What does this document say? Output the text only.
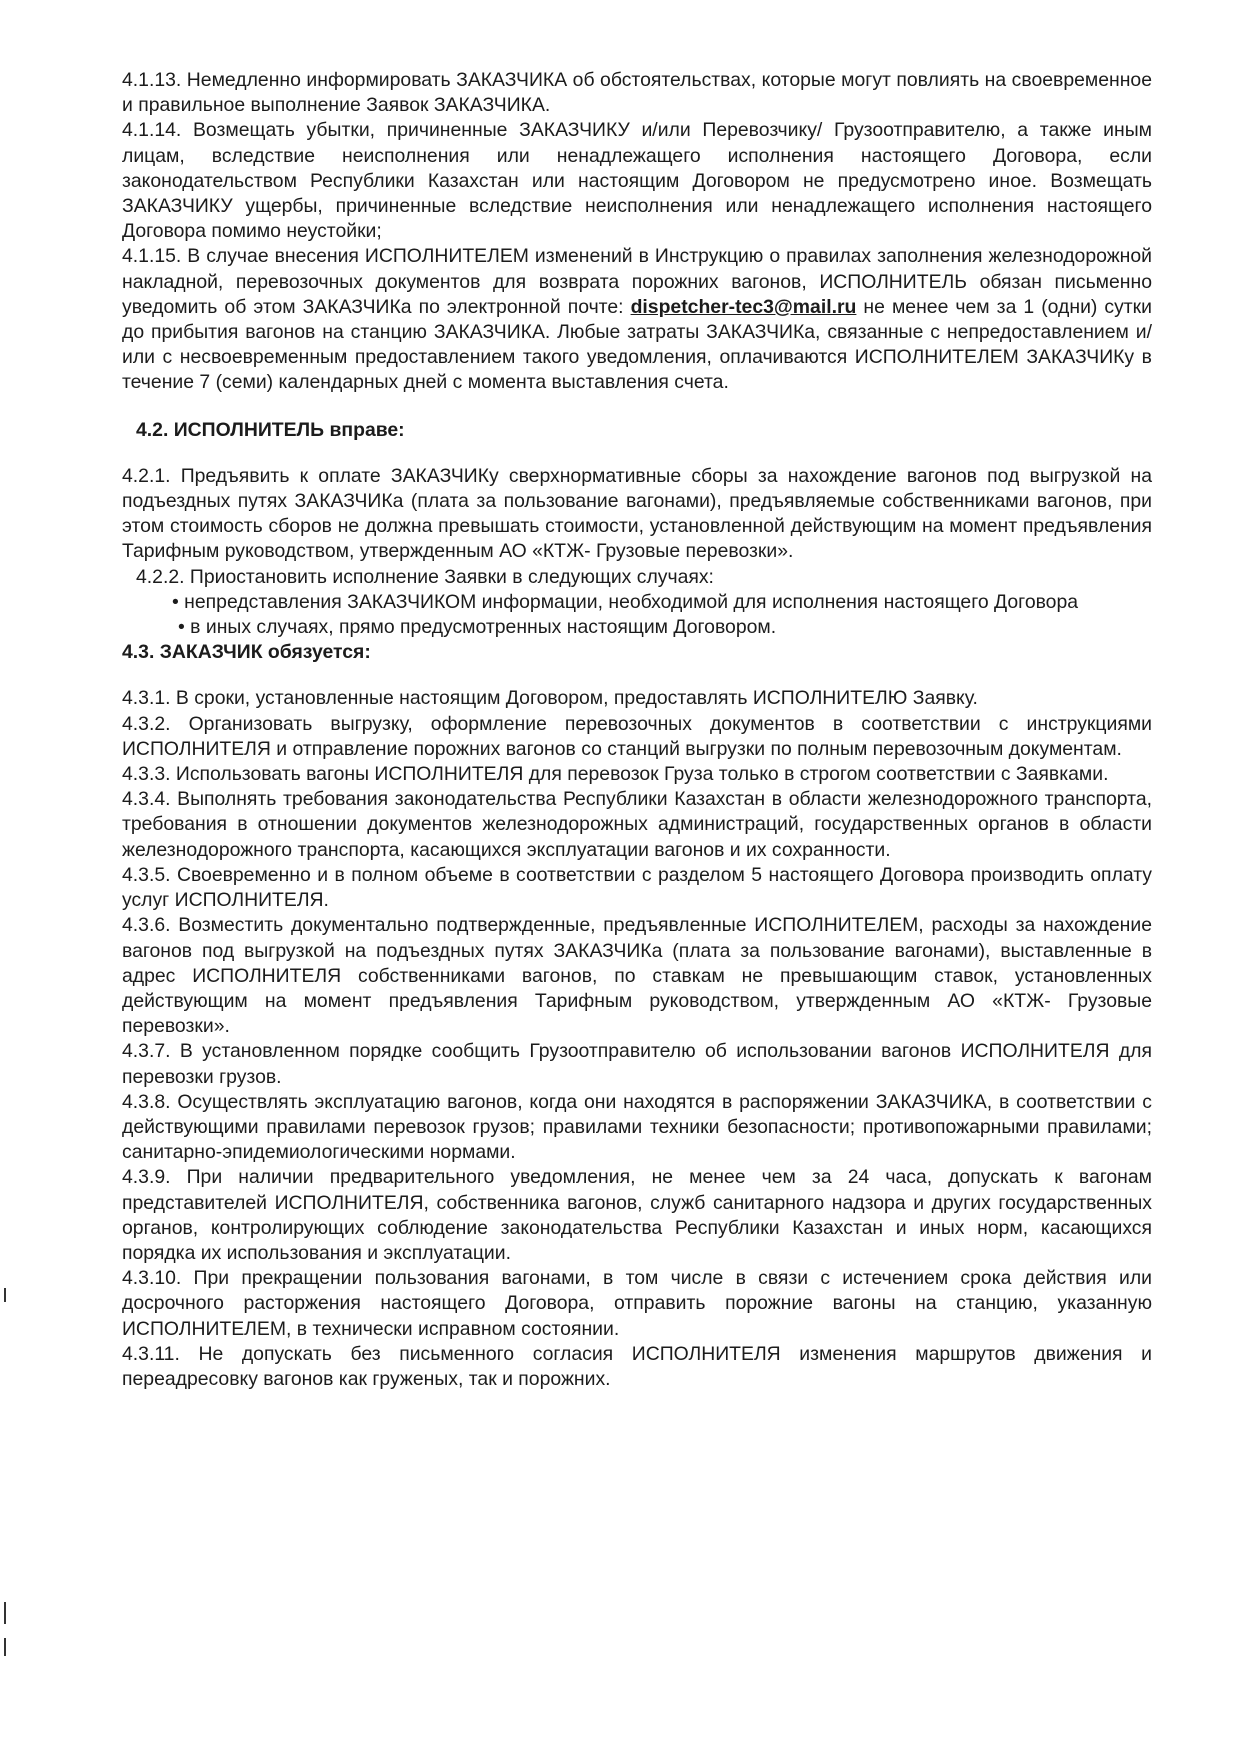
4.1.13. Немедленно информировать ЗАКАЗЧИКА об обстоятельствах, которые могут повлиять на своевременное и правильное выполнение Заявок ЗАКАЗЧИКА.

4.1.14. Возмещать убытки, причиненные ЗАКАЗЧИКУ и/или Перевозчику/ Грузоотправителю, а также иным лицам, вследствие неисполнения или ненадлежащего исполнения настоящего Договора, если законодательством Республики Казахстан или настоящим Договором не предусмотрено иное. Возмещать ЗАКАЗЧИКУ ущербы, причиненные вследствие неисполнения или ненадлежащего исполнения настоящего Договора помимо неустойки;

4.1.15. В случае внесения ИСПОЛНИТЕЛЕМ изменений в Инструкцию о правилах заполнения железнодорожной накладной, перевозочных документов для возврата порожних вагонов, ИСПОЛНИТЕЛЬ обязан письменно уведомить об этом ЗАКАЗЧИКа по электронной почте: dispetcher-tec3@mail.ru не менее чем за 1 (одни) сутки до прибытия вагонов на станцию ЗАКАЗЧИКА. Любые затраты ЗАКАЗЧИКа, связанные с непредоставлением и/или с несвоевременным предоставлением такого уведомления, оплачиваются ИСПОЛНИТЕЛЕМ ЗАКАЗЧИКу в течение 7 (семи) календарных дней с момента выставления счета.

4.2. ИСПОЛНИТЕЛЬ вправе:

4.2.1. Предъявить к оплате ЗАКАЗЧИКу сверхнормативные сборы за нахождение вагонов под выгрузкой на подъездных путях ЗАКАЗЧИКа (плата за пользование вагонами), предъявляемые собственниками вагонов, при этом стоимость сборов не должна превышать стоимости, установленной действующим на момент предъявления Тарифным руководством, утвержденным АО «КТЖ- Грузовые перевозки».

4.2.2. Приостановить исполнение Заявки в следующих случаях:

• непредставления ЗАКАЗЧИКОМ информации, необходимой для исполнения настоящего Договора

• в иных случаях, прямо предусмотренных настоящим Договором.

4.3. ЗАКАЗЧИК обязуется:

4.3.1. В сроки, установленные настоящим Договором, предоставлять ИСПОЛНИТЕЛЮ Заявку.

4.3.2. Организовать выгрузку, оформление перевозочных документов в соответствии с инструкциями ИСПОЛНИТЕЛЯ и отправление порожних вагонов со станций выгрузки по полным перевозочным документам.

4.3.3. Использовать вагоны ИСПОЛНИТЕЛЯ для перевозок Груза только в строгом соответствии с Заявками.

4.3.4. Выполнять требования законодательства Республики Казахстан в области железнодорожного транспорта, требования в отношении документов железнодорожных администраций, государственных органов в области железнодорожного транспорта, касающихся эксплуатации вагонов и их сохранности.

4.3.5. Своевременно и в полном объеме в соответствии с разделом 5 настоящего Договора производить оплату услуг ИСПОЛНИТЕЛЯ.

4.3.6. Возместить документально подтвержденные, предъявленные ИСПОЛНИТЕЛЕМ, расходы за нахождение вагонов под выгрузкой на подъездных путях ЗАКАЗЧИКа (плата за пользование вагонами), выставленные в адрес ИСПОЛНИТЕЛЯ собственниками вагонов, по ставкам не превышающим ставок, установленных действующим на момент предъявления Тарифным руководством, утвержденным АО «КТЖ- Грузовые перевозки».

4.3.7. В установленном порядке сообщить Грузоотправителю об использовании вагонов ИСПОЛНИТЕЛЯ для перевозки грузов.

4.3.8. Осуществлять эксплуатацию вагонов, когда они находятся в распоряжении ЗАКАЗЧИКА, в соответствии с действующими правилами перевозок грузов; правилами техники безопасности; противопожарными правилами; санитарно-эпидемиологическими нормами.

4.3.9. При наличии предварительного уведомления, не менее чем за 24 часа, допускать к вагонам представителей ИСПОЛНИТЕЛЯ, собственника вагонов, служб санитарного надзора и других государственных органов, контролирующих соблюдение законодательства Республики Казахстан и иных норм, касающихся порядка их использования и эксплуатации.

4.3.10. При прекращении пользования вагонами, в том числе в связи с истечением срока действия или досрочного расторжения настоящего Договора, отправить порожние вагоны на станцию, указанную ИСПОЛНИТЕЛЕМ, в технически исправном состоянии.

4.3.11. Не допускать без письменного согласия ИСПОЛНИТЕЛЯ изменения маршрутов движения и переадресовку вагонов как груженых, так и порожних.
